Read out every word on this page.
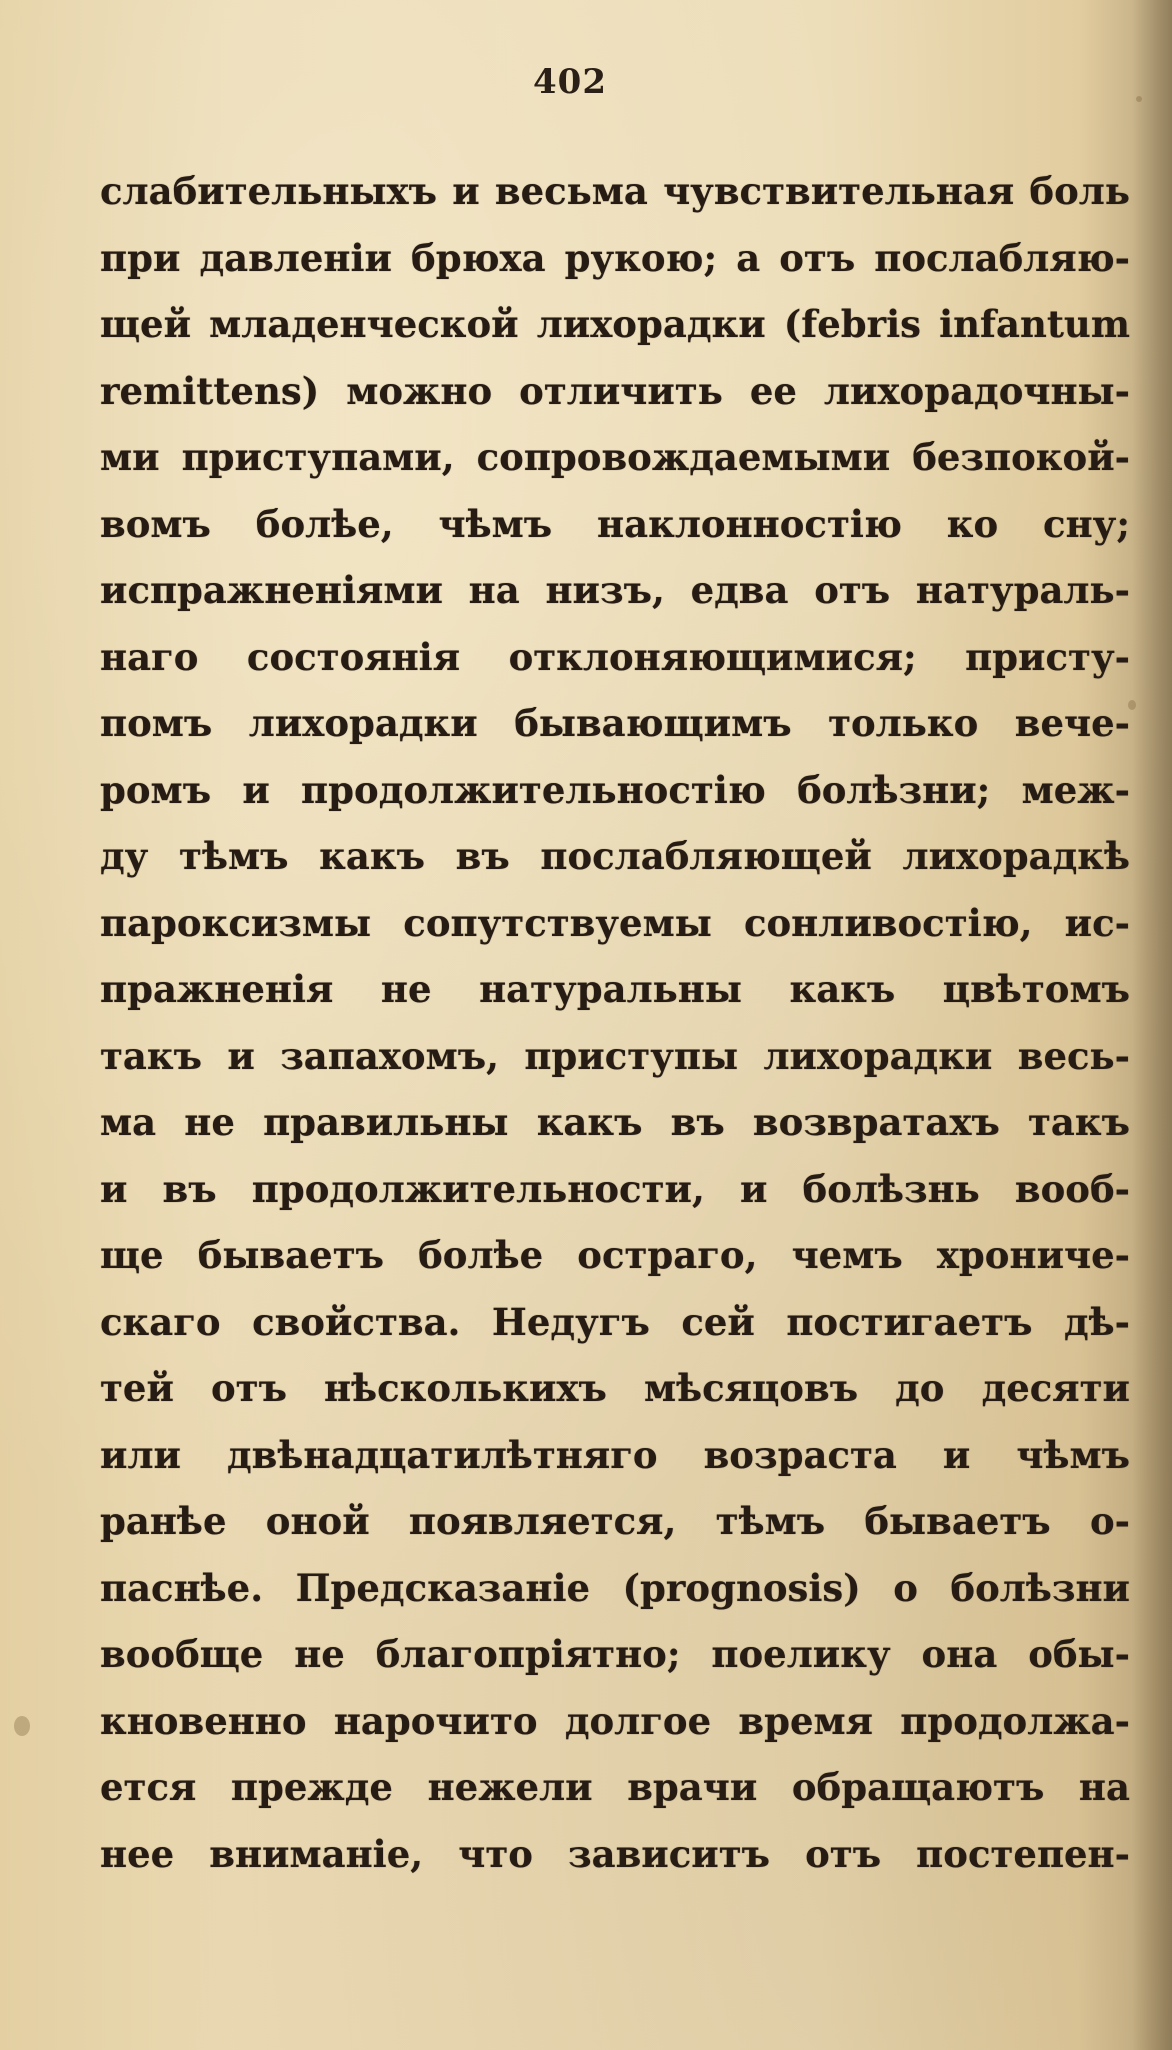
402
слабительныхъ и весьма чувствительная боль
при давленіи брюха рукою; а отъ послабляю-
щей младенческой лихорадки (febris infantum
remittens) можно отличить ее лихорадочны-
ми приступами, сопровождаемыми безпокой-
вомъ болѣе, чѣмъ наклонностію ко сну;
испражненіями на низъ, едва отъ натураль-
наго состоянія отклоняющимися; присту-
помъ лихорадки бывающимъ только вече-
ромъ и продолжительностію болѣзни; меж-
ду тѣмъ какъ въ послабляющей лихорадкѣ
пароксизмы сопутствуемы сонливостію, ис-
пражненія не натуральны какъ цвѣтомъ
такъ и запахомъ, приступы лихорадки весь-
ма не правильны какъ въ возвратахъ такъ
и въ продолжительности, и болѣзнь вооб-
ще бываетъ болѣе остраго, чемъ хрониче-
скаго свойства. Недугъ сей постигаетъ дѣ-
тей отъ нѣсколькихъ мѣсяцовъ до десяти
или двѣнадцатилѣтняго возраста и чѣмъ
ранѣе оной появляется, тѣмъ бываетъ о-
паснѣе. Предсказаніе (prognosis) о болѣзни
вообще не благопріятно; поелику она обы-
кновенно нарочито долгое время продолжа-
ется прежде нежели врачи обращаютъ на
нее вниманіе, что зависитъ отъ постепен-
